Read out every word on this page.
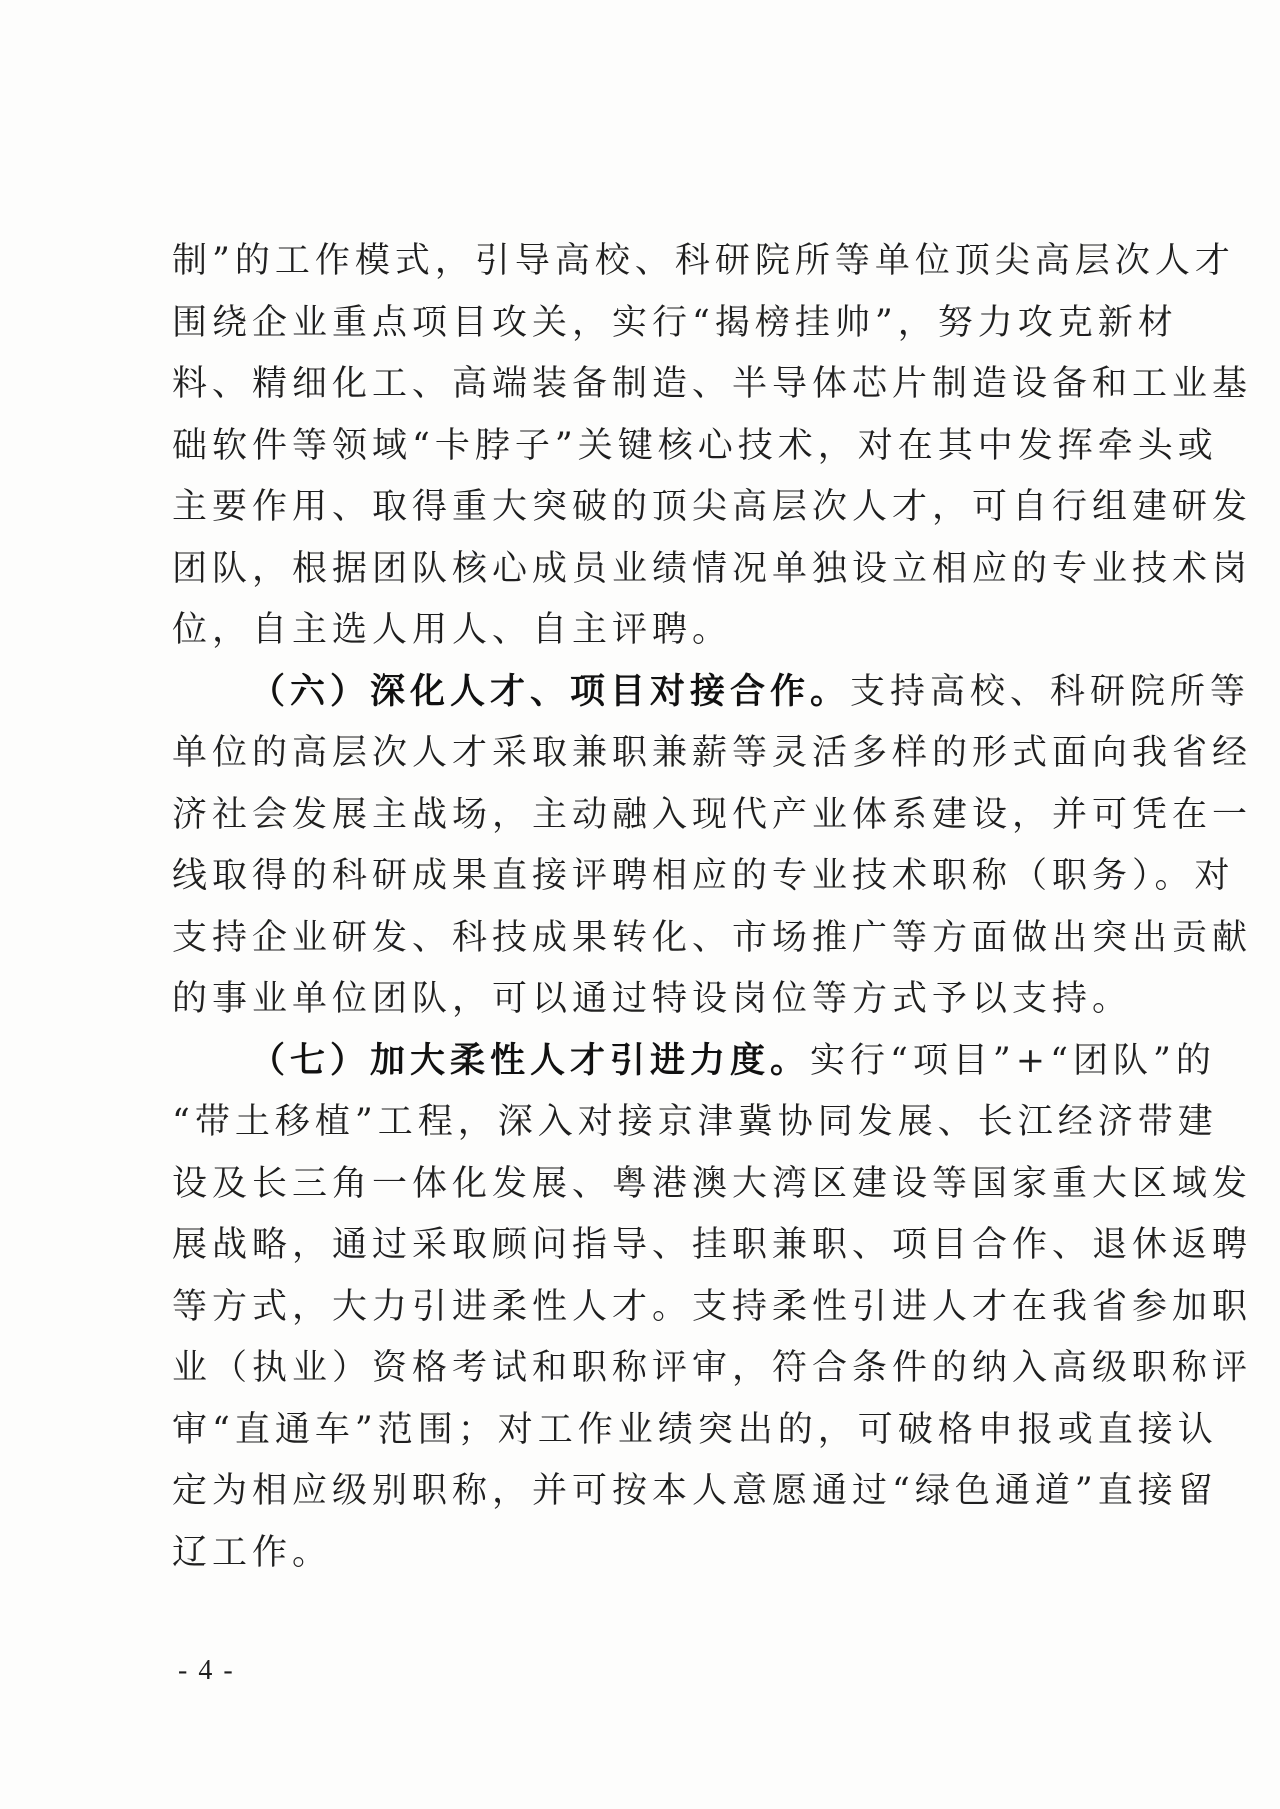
制”的工作模式，引导高校、科研院所等单位顶尖高层次人才
围绕企业重点项目攻关，实行“揭榜挂帅”，努力攻克新材
料、精细化工、高端装备制造、半导体芯片制造设备和工业基
础软件等领域“卡脖子”关键核心技术，对在其中发挥牵头或
主要作用、取得重大突破的顶尖高层次人才，可自行组建研发
团队，根据团队核心成员业绩情况单独设立相应的专业技术岗
位，自主选人用人、自主评聘。
（六）深化人才、项目对接合作。支持高校、科研院所等
单位的高层次人才采取兼职兼薪等灵活多样的形式面向我省经
济社会发展主战场，主动融入现代产业体系建设，并可凭在一
线取得的科研成果直接评聘相应的专业技术职称（职务）。对
支持企业研发、科技成果转化、市场推广等方面做出突出贡献
的事业单位团队，可以通过特设岗位等方式予以支持。
（七）加大柔性人才引进力度。实行“项目”+“团队”的
“带土移植”工程，深入对接京津冀协同发展、长江经济带建
设及长三角一体化发展、粤港澳大湾区建设等国家重大区域发
展战略，通过采取顾问指导、挂职兼职、项目合作、退休返聘
等方式，大力引进柔性人才。支持柔性引进人才在我省参加职
业（执业）资格考试和职称评审，符合条件的纳入高级职称评
审“直通车”范围；对工作业绩突出的，可破格申报或直接认
定为相应级别职称，并可按本人意愿通过“绿色通道”直接留
辽工作。
- 4 -
